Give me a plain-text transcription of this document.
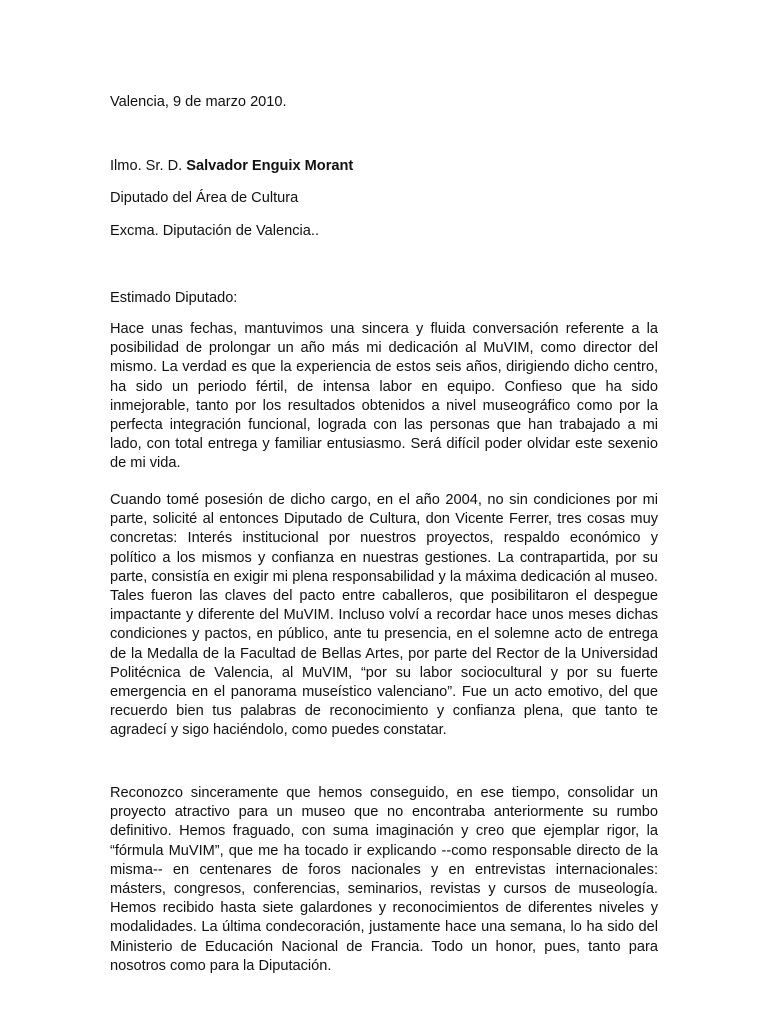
Valencia, 9 de marzo 2010.

Ilmo. Sr. D. Salvador Enguix Morant

Diputado del Área de Cultura

Excma. Diputación de Valencia..

Estimado Diputado:

Hace unas fechas, mantuvimos una sincera y fluida conversación referente a la posibilidad de prolongar un año más mi dedicación al MuVIM, como director del mismo. La verdad es que la experiencia de estos seis años, dirigiendo dicho centro, ha sido un periodo fértil, de intensa labor en equipo. Confieso que ha sido inmejorable, tanto por los resultados obtenidos a nivel museográfico como por la perfecta integración funcional, lograda con las personas que han trabajado a mi lado, con total entrega y familiar entusiasmo. Será difícil poder olvidar este sexenio de mi vida.

Cuando tomé posesión de dicho cargo, en el año 2004, no sin condiciones por mi parte, solicité al entonces Diputado de Cultura, don Vicente Ferrer, tres cosas muy concretas: Interés institucional por nuestros proyectos, respaldo económico y político a los mismos y confianza en nuestras gestiones. La contrapartida, por su parte, consistía en exigir mi plena responsabilidad y la máxima dedicación al museo. Tales fueron las claves del pacto entre caballeros, que posibilitaron el despegue impactante y diferente del MuVIM. Incluso volví a recordar hace unos meses dichas condiciones y pactos, en público, ante tu presencia, en el solemne acto de entrega de la Medalla de la Facultad de Bellas Artes, por parte del Rector de la Universidad Politécnica de Valencia, al MuVIM, “por su labor sociocultural y por su fuerte emergencia en el panorama museístico valenciano”. Fue un acto emotivo, del que recuerdo bien tus palabras de reconocimiento y confianza plena, que tanto te agradecí y sigo haciéndolo, como puedes constatar.

Reconozco sinceramente que hemos conseguido, en ese tiempo, consolidar un proyecto atractivo para un museo que no encontraba anteriormente su rumbo definitivo. Hemos fraguado, con suma imaginación y creo que ejemplar rigor, la “fórmula MuVIM”, que me ha tocado ir explicando --como responsable directo de la misma-- en centenares de foros nacionales y en entrevistas internacionales: másters, congresos, conferencias, seminarios, revistas y cursos de museología. Hemos recibido hasta siete galardones y reconocimientos de diferentes niveles y modalidades. La última condecoración, justamente hace una semana, lo ha sido del Ministerio de Educación Nacional de Francia. Todo un honor, pues, tanto para nosotros como para la Diputación.
